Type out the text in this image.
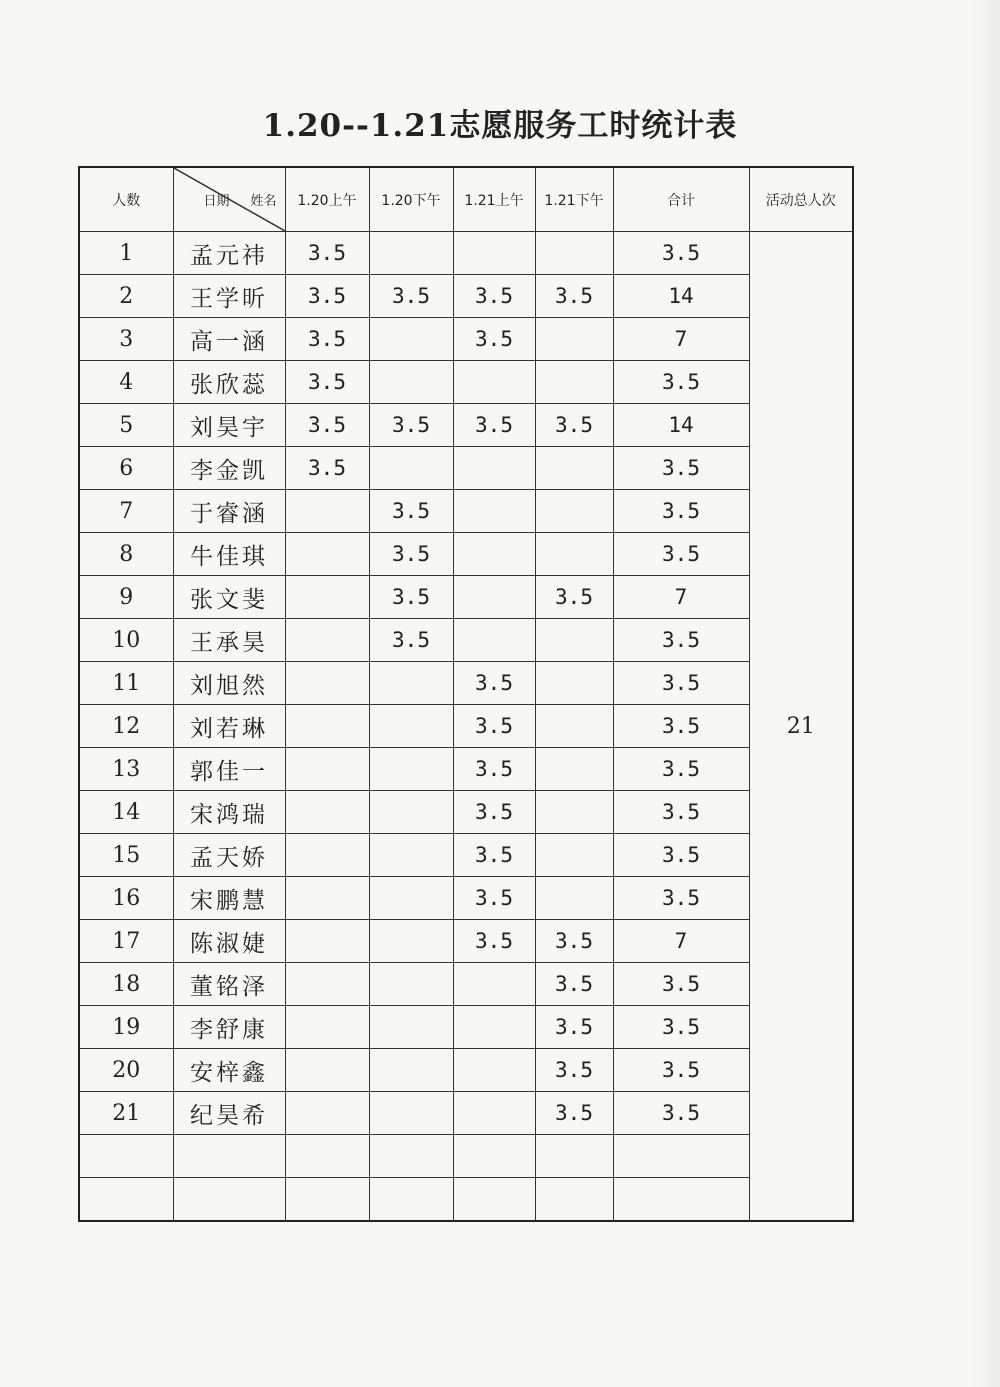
1.20--1.21志愿服务工时统计表
人数	日期 姓名	1.20上午	1.20下午	1.21上午	1.21下午	合计	活动总人次
1	孟元祎	3.5				3.5	21
2	王学昕	3.5	3.5	3.5	3.5	14	
3	高一涵	3.5		3.5		7	
4	张欣蕊	3.5				3.5	
5	刘昊宇	3.5	3.5	3.5	3.5	14	
6	李金凯	3.5				3.5	
7	于睿涵		3.5			3.5	
8	牛佳琪		3.5			3.5	
9	张文斐		3.5		3.5	7	
10	王承昊		3.5			3.5	
11	刘旭然			3.5		3.5	
12	刘若琳			3.5		3.5	
13	郭佳一			3.5		3.5	
14	宋鸿瑞			3.5		3.5	
15	孟天娇			3.5		3.5	
16	宋鹏慧			3.5		3.5	
17	陈淑婕			3.5	3.5	7	
18	董铭泽				3.5	3.5	
19	李舒康				3.5	3.5	
20	安梓鑫				3.5	3.5	
21	纪昊希				3.5	3.5	
